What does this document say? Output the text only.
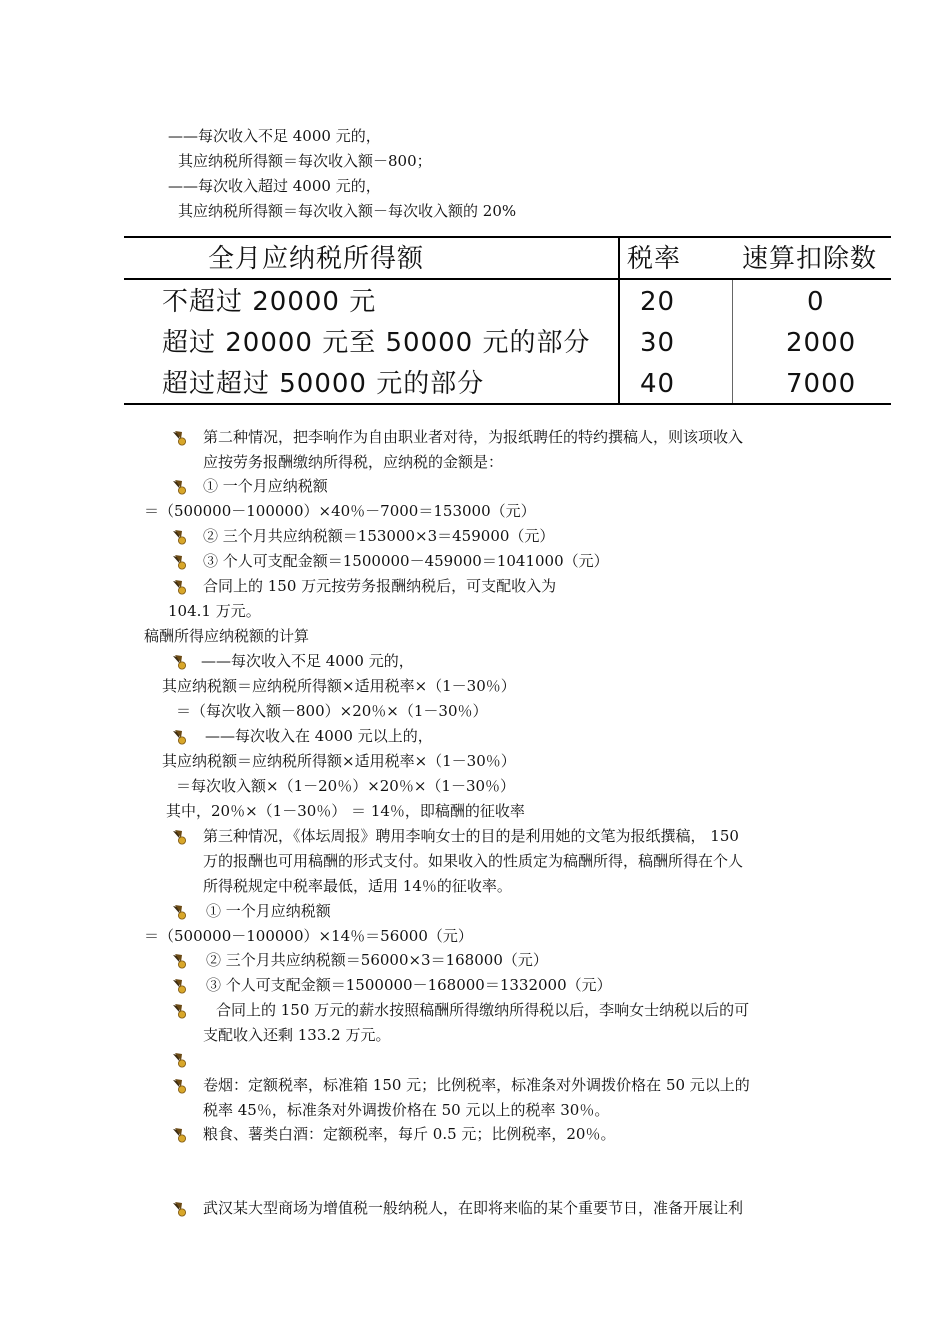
——每次收入不足 4000 元的，
其应纳税所得额＝每次收入额－800；
——每次收入超过 4000 元的，
其应纳税所得额＝每次收入额－每次收入额的 20%
全月应纳税所得额	税率 速算扣除数
不超过 20000 元	20	0
超过 20000 元至 50000 元的部分 30	2000
超过超过 50000 元的部分	40	7000
第二种情况，把李响作为自由职业者对待，为报纸聘任的特约撰稿人，则该项收入
应按劳务报酬缴纳所得税，应纳税的金额是：
① 一个月应纳税额
＝（500000－100000）×40％－7000＝153000（元）
② 三个月共应纳税额＝153000×3＝459000（元）
③ 个人可支配金额＝1500000－459000＝1041000（元）
合同上的 150 万元按劳务报酬纳税后，可支配收入为
104.1 万元。
稿酬所得应纳税额的计算
——每次收入不足 4000 元的，
其应纳税额＝应纳税所得额×适用税率×（1－30％）
＝（每次收入额－800）×20％×（1－30％）
——每次收入在 4000 元以上的，
其应纳税额＝应纳税所得额×适用税率×（1－30％）
＝每次收入额×（1－20％）×20％×（1－30％）
其中，20％×（1－30％） ＝ 14％，即稿酬的征收率
第三种情况，《体坛周报》聘用李响女士的目的是利用她的文笔为报纸撰稿， 150
万的报酬也可用稿酬的形式支付。如果收入的性质定为稿酬所得，稿酬所得在个人
所得税规定中税率最低，适用 14％的征收率。
① 一个月应纳税额
＝（500000－100000）×14％＝56000（元）
② 三个月共应纳税额＝56000×3＝168000（元）
③ 个人可支配金额＝1500000－168000＝1332000（元）
合同上的 150 万元的薪水按照稿酬所得缴纳所得税以后，李响女士纳税以后的可
支配收入还剩 133.2 万元。
卷烟：定额税率，标准箱 150 元；比例税率，标准条对外调拨价格在 50 元以上的
税率 45％，标准条对外调拨价格在 50 元以上的税率 30％。
粮食、薯类白酒：定额税率，每斤 0.5 元；比例税率，20％。
武汉某大型商场为增值税一般纳税人，在即将来临的某个重要节日，准备开展让利
